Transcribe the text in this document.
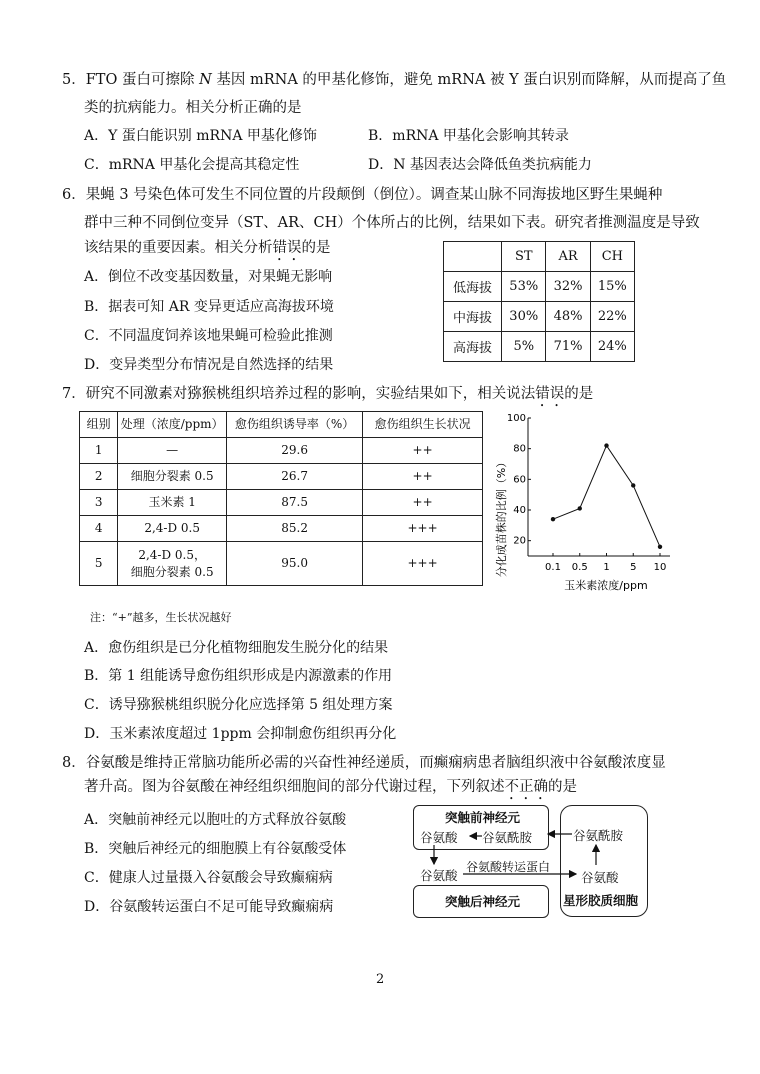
5．FTO 蛋白可擦除 N 基因 mRNA 的甲基化修饰，避免 mRNA 被 Y 蛋白识别而降解，从而提高了鱼
类的抗病能力。相关分析正确的是
A．Y 蛋白能识别 mRNA 甲基化修饰	B．mRNA 甲基化会影响其转录
C．mRNA 甲基化会提高其稳定性	D．N 基因表达会降低鱼类抗病能力
6．果蝇 3 号染色体可发生不同位置的片段颠倒（倒位）。调查某山脉不同海拔地区野生果蝇种
群中三种不同倒位变异（ST、AR、CH）个体所占的比例，结果如下表。研究者推测温度是导致
该结果的重要因素。相关分析错误的是
A．倒位不改变基因数量，对果蝇无影响
B．据表可知 AR 变异更适应高海拔环境
C．不同温度饲养该地果蝇可检验此推测
D．变异类型分布情况是自然选择的结果
	ST	AR	CH
低海拔	53%	32%	15%
中海拔	30%	48%	22%
高海拔	5%	71%	24%
7．研究不同激素对猕猴桃组织培养过程的影响，实验结果如下，相关说法错误的是
组别	处理（浓度/ppm）	愈伤组织诱导率（%）	愈伤组织生长状况
1	—	29.6	++
2	细胞分裂素 0.5	26.7	++
3	玉米素 1	87.5	++
4	2,4-D 0.5	85.2	+++
5	2,4-D 0.5，
细胞分裂素 0.5	95.0	+++
20
40
60
80
100
0.1 0.5 1 5 10
分化成苗株的比例（%）
玉米素浓度/ppm
注：“+”越多，生长状况越好
A．愈伤组织是已分化植物细胞发生脱分化的结果
B．第 1 组能诱导愈伤组织形成是内源激素的作用
C．诱导猕猴桃组织脱分化应选择第 5 组处理方案
D．玉米素浓度超过 1ppm 会抑制愈伤组织再分化
8．谷氨酸是维持正常脑功能所必需的兴奋性神经递质，而癫痫病患者脑组织液中谷氨酸浓度显
著升高。图为谷氨酸在神经组织细胞间的部分代谢过程，下列叙述不正确的是
A．突触前神经元以胞吐的方式释放谷氨酸
B．突触后神经元的细胞膜上有谷氨酸受体
C．健康人过量摄入谷氨酸会导致癫痫病
D．谷氨酸转运蛋白不足可能导致癫痫病
突触前神经元
谷氨酸 谷氨酰胺	谷氨酰胺
谷氨酸
星形胶质细胞
谷氨酸
谷氨酸转运蛋白
突触后神经元
2
